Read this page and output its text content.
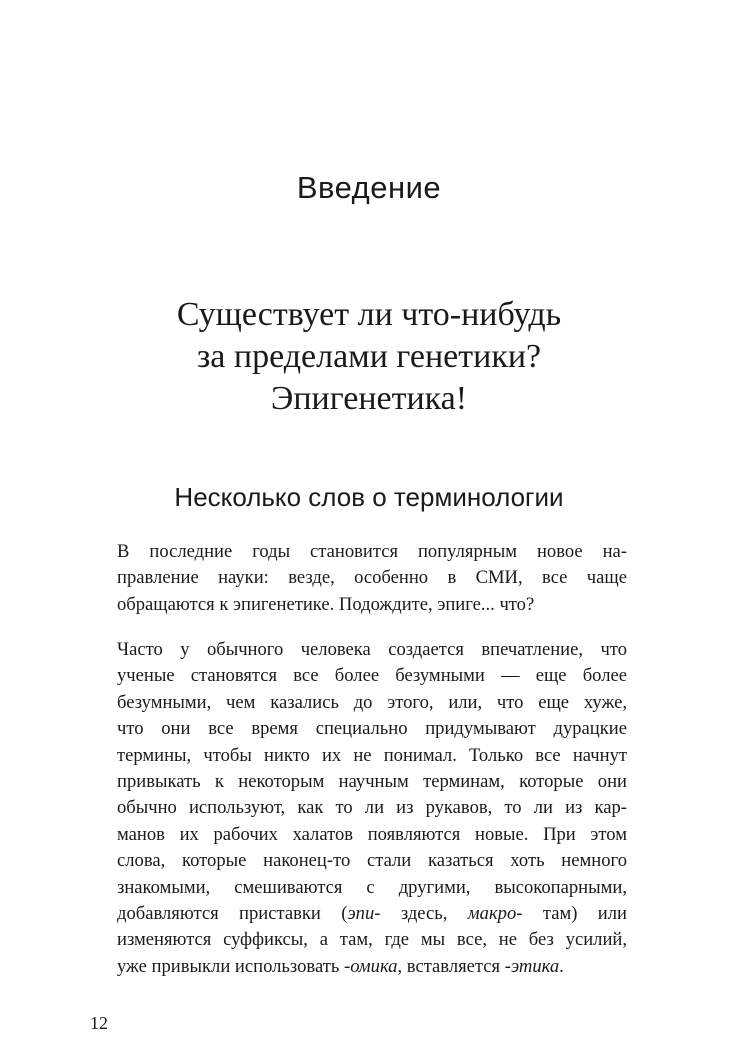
Введение
Существует ли что-нибудь
за пределами генетики?
Эпигенетика!
Несколько слов о терминологии

В последние годы становится популярным новое на-
правление науки: везде, особенно в СМИ, все чаще
обращаются к эпигенетике. Подождите, эпиге... что?

Часто у обычного человека создается впечатление, что
ученые становятся все более безумными — еще более
безумными, чем казались до этого, или, что еще хуже,
что они все время специально придумывают дурацкие
термины, чтобы никто их не понимал. Только все начнут
привыкать к некоторым научным терминам, которые они
обычно используют, как то ли из рукавов, то ли из кар-
манов их рабочих халатов появляются новые. При этом
слова, которые наконец-то стали казаться хоть немного
знакомыми, смешиваются с другими, высокопарными,
добавляются приставки (эпи- здесь, макро- там) или
изменяются суффиксы, а там, где мы все, не без усилий,
уже привыкли использовать -омика, вставляется -этика.

12
